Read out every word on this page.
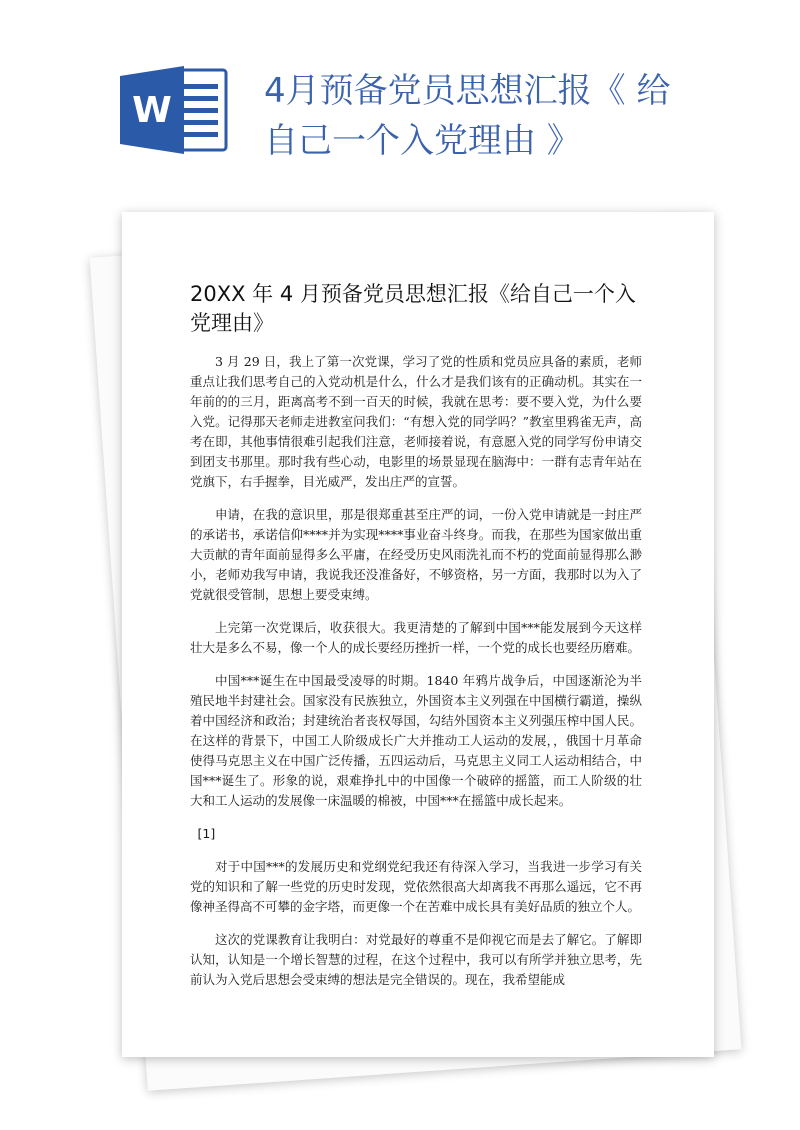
W	4月预备党员思想汇报《 给自己一个入党理由 》
20XX 年 4 月预备党员思想汇报《给自己一个入党理由》

3 月 29 日，我上了第一次党课，学习了党的性质和党员应具备的素质，老师重点让我们思考自己的入党动机是什么，什么才是我们该有的正确动机。其实在一年前的的三月，距离高考不到一百天的时候，我就在思考：要不要入党，为什么要入党。记得那天老师走进教室问我们：“有想入党的同学吗？”教室里鸦雀无声，高考在即，其他事情很难引起我们注意，老师接着说，有意愿入党的同学写份申请交到团支书那里。那时我有些心动，电影里的场景显现在脑海中：一群有志青年站在党旗下，右手握拳，目光威严，发出庄严的宣誓。

申请，在我的意识里，那是很郑重甚至庄严的词，一份入党申请就是一封庄严的承诺书，承诺信仰****并为实现****事业奋斗终身。而我，在那些为国家做出重大贡献的青年面前显得多么平庸，在经受历史风雨洗礼而不朽的党面前显得那么渺小，老师劝我写申请，我说我还没准备好，不够资格，另一方面，我那时以为入了党就很受管制，思想上要受束缚。

上完第一次党课后，收获很大。我更清楚的了解到中国***能发展到今天这样壮大是多么不易，像一个人的成长要经历挫折一样，一个党的成长也要经历磨难。

中国***诞生在中国最受凌辱的时期。1840 年鸦片战争后，中国逐渐沦为半殖民地半封建社会。国家没有民族独立，外国资本主义列强在中国横行霸道，操纵着中国经济和政治；封建统治者丧权辱国，勾结外国资本主义列强压榨中国人民。在这样的背景下，中国工人阶级成长广大并推动工人运动的发展，，俄国十月革命使得马克思主义在中国广泛传播，五四运动后，马克思主义同工人运动相结合，中国***诞生了。形象的说，艰难挣扎中的中国像一个破碎的摇篮，而工人阶级的壮大和工人运动的发展像一床温暖的棉被，中国***在摇篮中成长起来。

[1]

对于中国***的发展历史和党纲党纪我还有待深入学习，当我进一步学习有关党的知识和了解一些党的历史时发现，党依然很高大却离我不再那么遥远，它不再像神圣得高不可攀的金字塔，而更像一个在苦难中成长具有美好品质的独立个人。

这次的党课教育让我明白：对党最好的尊重不是仰视它而是去了解它。了解即认知，认知是一个增长智慧的过程，在这个过程中，我可以有所学并独立思考，先前认为入党后思想会受束缚的想法是完全错误的。现在，我希望能成
